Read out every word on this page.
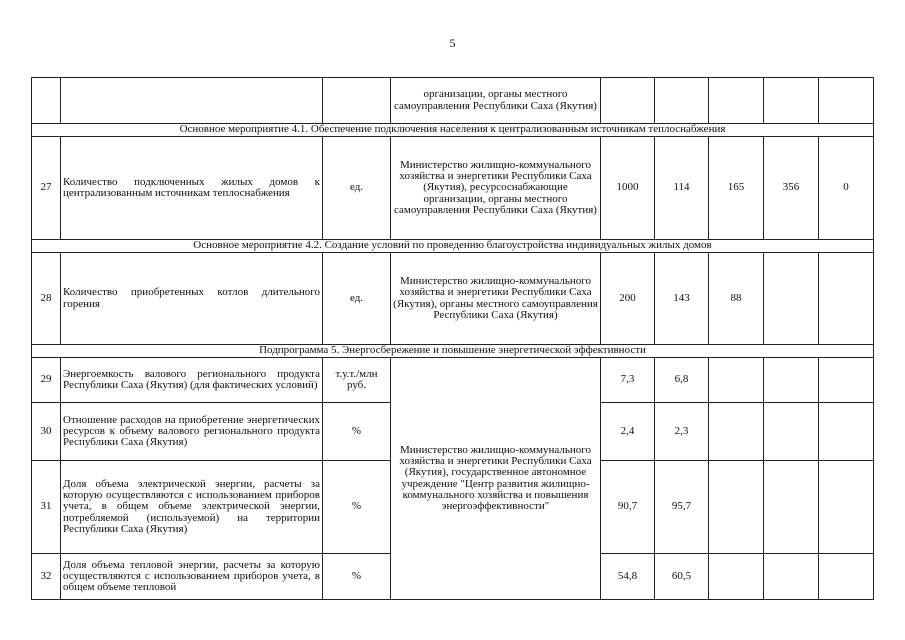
5
			организации, органы местного самоуправления Республики Саха (Якутия)					
Основное мероприятие 4.1. Обеспечение подключения населения к централизованным источникам теплоснабжения								
27	Количество подключенных жилых домов к централизованным источникам теплоснабжения	ед.	Министерство жилищно-коммунального хозяйства и энергетики Республики Саха (Якутия), ресурсоснабжающие организации, органы местного самоуправления Республики Саха (Якутия)	1000	114	165	356	0
Основное мероприятие 4.2. Создание условий по проведению благоустройства индивидуальных жилых домов								
28	Количество приобретенных котлов длительного горения	ед.	Министерство жилищно-коммунального хозяйства и энергетики Республики Саха (Якутия), органы местного самоуправления Республики Саха (Якутия)	200	143	88		
Подпрограмма 5. Энергосбережение и повышение энергетической эффективности								
29	Энергоемкость валового регионального продукта Республики Саха (Якутия) (для фактических условий)	т.у.т./млн руб.	Министерство жилищно-коммунального хозяйства и энергетики Республики Саха (Якутия), государственное автономное учреждение "Центр развития жилищно-коммунального хозяйства и повышения энергоэффективности"	7,3	6,8			
30	Отношение расходов на приобретение энергетических ресурсов к объему валового регионального продукта Республики Саха (Якутия)	%		2,4	2,3			
31	Доля объема электрической энергии, расчеты за которую осуществляются с использованием приборов учета, в общем объеме электрической энергии, потребляемой (используемой) на территории Республики Саха (Якутия)	%		90,7	95,7			
32	Доля объема тепловой энергии, расчеты за которую осуществляются с использованием приборов учета, в общем объеме тепловой	%		54,8	60,5			
